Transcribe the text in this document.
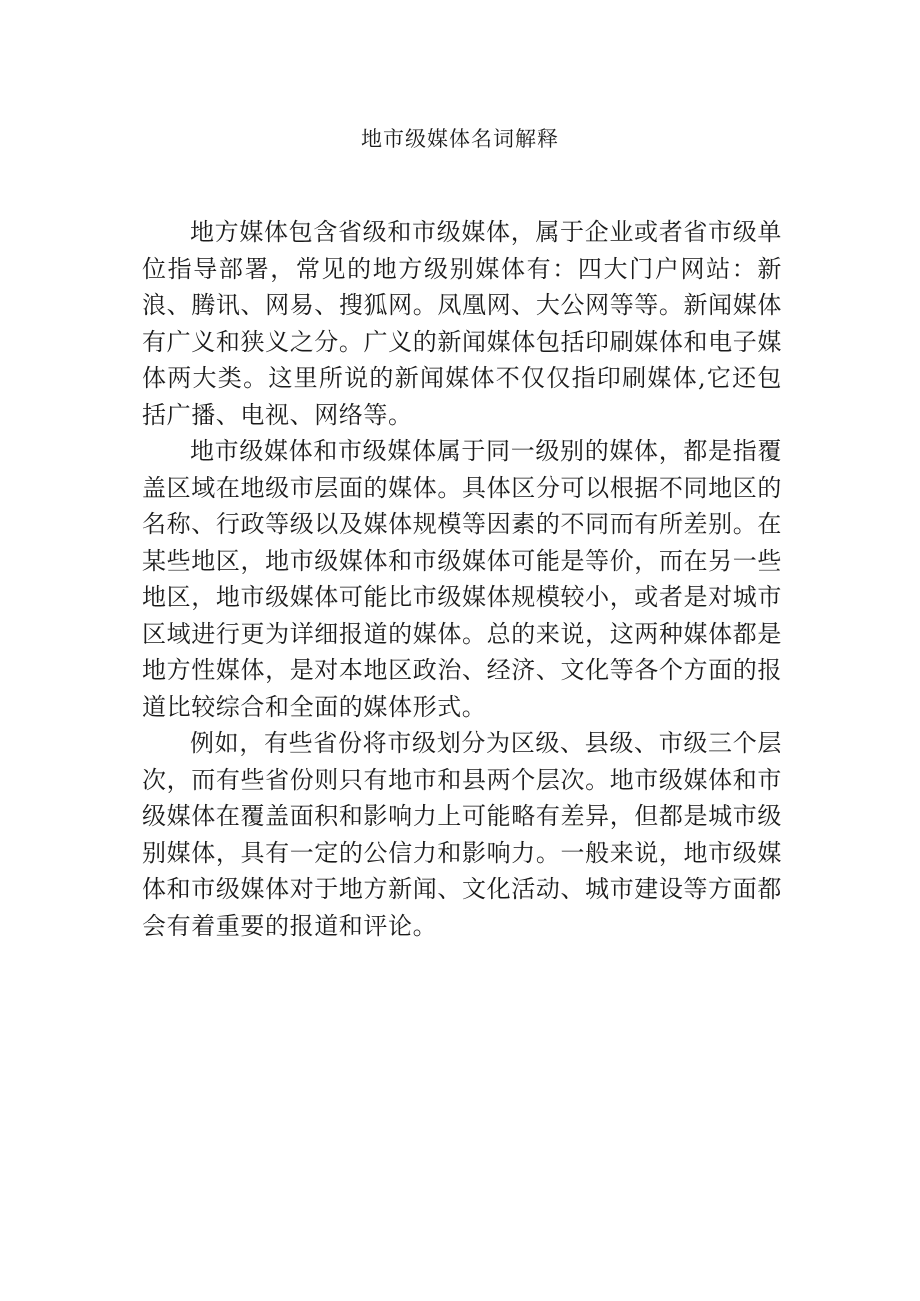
地市级媒体名词解释

地方媒体包含省级和市级媒体，属于企业或者省市级单位指导部署，常见的地方级别媒体有：四大门户网站：新浪、腾讯、网易、搜狐网。凤凰网、大公网等等。新闻媒体有广义和狭义之分。广义的新闻媒体包括印刷媒体和电子媒体两大类。这里所说的新闻媒体不仅仅指印刷媒体,它还包括广播、电视、网络等。

地市级媒体和市级媒体属于同一级别的媒体，都是指覆盖区域在地级市层面的媒体。具体区分可以根据不同地区的名称、行政等级以及媒体规模等因素的不同而有所差别。在某些地区，地市级媒体和市级媒体可能是等价，而在另一些地区，地市级媒体可能比市级媒体规模较小，或者是对城市区域进行更为详细报道的媒体。总的来说，这两种媒体都是地方性媒体，是对本地区政治、经济、文化等各个方面的报道比较综合和全面的媒体形式。

例如，有些省份将市级划分为区级、县级、市级三个层次，而有些省份则只有地市和县两个层次。地市级媒体和市级媒体在覆盖面积和影响力上可能略有差异，但都是城市级别媒体，具有一定的公信力和影响力。一般来说，地市级媒体和市级媒体对于地方新闻、文化活动、城市建设等方面都会有着重要的报道和评论。
